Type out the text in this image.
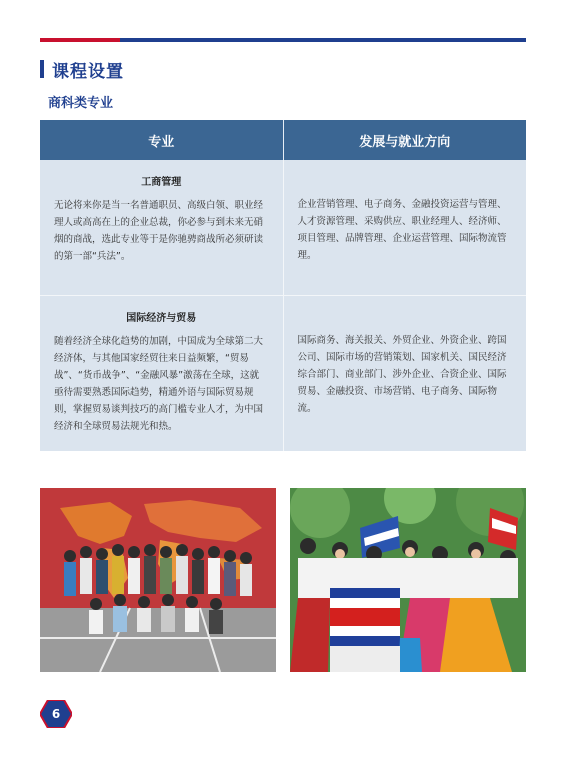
课程设置
商科类专业
专业	发展与就业方向
工商管理
无论将来你是当一名普通职员、高级白领、职业经理人或高高在上的企业总裁，你必参与到未来无硝烟的商战，选此专业等于是你驰骋商战所必须研读的第一部“兵法”。
企业营销管理、电子商务、金融投资运营与管理、人才资源管理、采购供应、职业经理人、经济师、项目管理、品牌管理、企业运营管理、国际物流管理。
国际经济与贸易
随着经济全球化趋势的加剧，中国成为全球第二大经济体，与其他国家经贸往来日益频繁，“贸易战”、“货币战争”、“金融风暴”激荡在全球，这就亟待需要熟悉国际趋势，精通外语与国际贸易规则，掌握贸易谈判技巧的高门槛专业人才，为中国经济和全球贸易法规光和热。
国际商务、海关报关、外贸企业、外资企业、跨国公司、国际市场的营销策划、国家机关、国民经济综合部门、商业部门、涉外企业、合资企业、国际贸易、金融投资、市场营销、电子商务、国际物流。
6
